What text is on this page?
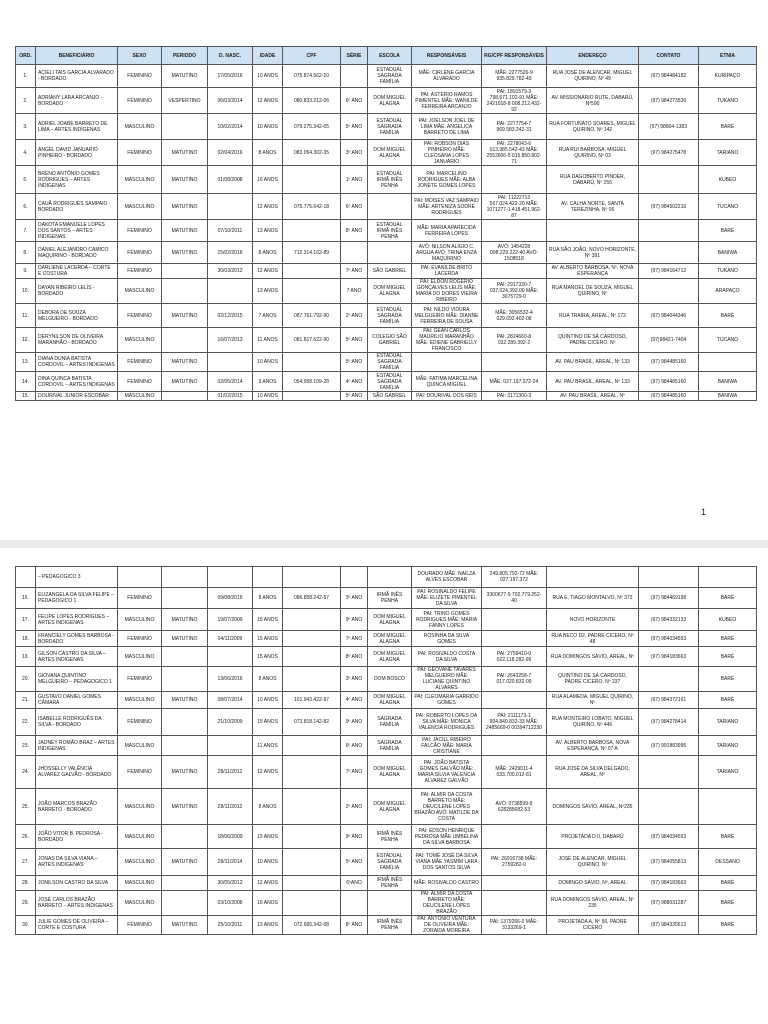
ORD.	BENEFICIÁRIO	SEXO	PERIODO	D. NASC.	IDADE	CPF	SÉRIE	ESCOLA	RESPONSÁVEIS	RG/CPF RESPONSÁVEIS	ENDEREÇO	CONTATO	ETNIA
1.	ACIELI TAIS GARCIA ALVARADO - BORDADO	FEMININO	MATUTINO	17/05/2016	10 ANOS	075.874.562-10		ESTADUAL SAGRADA FAMÍLIA	MÃE: CIRLENE GARCIA ALVARADO	MÃE: 2277526-9 935.829.782-49	RUA JOSÉ DE ALENCAR, MIGUEL QUIRINO, Nº 49	(97) 984484182	KURIPAÇO
2.	ADRIANY LARA ARCANJO - BORDADO	FEMININO	VESPERTINO	06/03/2014	12 ANOS	080.833.212-06	6º ANO	DOM MIGUEL ALAGNA	PAI: ASTERIO RAMOS PIMENTEL MÃE: WANILDE FERREIRA ARCANJO	PAI: 1891579-3 798.671.102-91 MÃE: 2421018-8 008.212.432-92	AV. MISSIONÁRIO RUTE, DABARÚ, Nº590	(97) 984273536	TUKANO
3.	ADRIEL JOABE BARRETO DE LIMA – ARTES INDIGENAS	MASCULINO		10/02/2014	10 ANOS	079.275.342-05	5º ANO	ESTADUAL SAGRADA FAMÍLIA	PAI: JOELSON JOEL DE LIMA MÃE: ANGELICA BARRETO DE LIMA	PAI: 2277754-7 969.583.242-31	RUA FORTUNATO SOARES, MIGUEL QUIRINO, Nº 142	(97) 98804-1383	BARÉ
4.	ANGEL DAVID JANUARIO PINHEIRO - BORDADO	FEMININO	MATUTINO	02/04/2016	8 ANOS	083.054.302-35	3º ANO	DOM MIGUEL ALAGNA	PAI: ROBSON DIAS PINHEIRO MÃE: CLEOSANA LOPES JANUÁRIO	PAI: 2278043-6 013.985.542-43 MÃE: 2552606-5 015.850.802-71	RUA RUI BARBOSA, MIGUEL QUIRINO, Nº 03	(97) 984275478	TARIANO
5.	BRENO ANTÔNIO GOMES RODRIGUES – ARTES INDIGENAS	MASCULINO	MATUTINO	01/08/2008	16 ANOS		1º ANO	ESTADUAL IRMÃ INÊS PENHA	PAI: MARCELINO RODRIGUES MÃE: ALBA JONETE GOMES LOPES		RUA DAGOBERTO PINDER, DABARÚ, Nº 255		KUBEO
6.	CAUÃ RODRIGUES SAMPAIO - BORDADO	MASCULINO	MATUTINO		12 ANOS	075.775.642-18	6º ANO		PAI: MOISES VAZ SAMPAIO MÃE: ARTENIZA SODRÉ RODRIGUES	PAI: 11222713 567.024.422-20 MÃE: 1071277-1 418.451.962-87	AV. CALHA NORTE, SANTA TEREZINHA, Nº 06	(97) 984502216	TUCANO
7.	DAKOTA EMANUELE LOPES DOS SANTOS – ARTES INDIGENAS	FEMININO	MATUTINO	07/10/2011	13 ANOS		8º ANO	ESTADUAL IRMÃ INÊS PENHA	MÃE: MARIA APARECIDA FERREIRA LOPES				BARÉ
8.	DANIEL ALEJANDRO CAMICO MAQUIRINO - BORDADO	FEMININO	MATUTINO	15/02/2016	8 ANOS	712.314.162-89			AVÔ: NILSON ALÍGIO C. ARGUA AVÓ: TRINA ENZA MAQUIRINO	AVÔ: 1454228 098.229.222-40 AVÓ: 1508518	RUA SÃO JOÃO, NOVO HORIZONTE, Nº 391		BANIWA
9.	DARLIENE LACERDA – CORTE E COSTURA	FEMININO		30/03/2012	12 ANOS		7º ANO	SÃO GABRIEL	PAI: EVANILDE BRITO LACERDA		AV. ALBERTO BARBOSA, Nº, NOVA ESPERANÇA	(97) 984164712	TUKANO
10.	DAYAN RIBEIRO LELÍS - BORDADO	MASCULINO			13 ANOS		7 ANO	DOM MIGUEL ALAGNA	PAI: ELDON ROGERIO GONÇALVES LELÍS MÃE: MARIA DO DORES VIEIRA RIBEIRO	PAI: 2917330-7 037.024.392.00 MÃE: 3075729-0	RUA MANOEL DE SOUZA, MIGUEL QUIRINO, Nº		ARAPAÇO
11.	DEBORA DE SOUZA MELGUEIRO - BORDADO	FEMININO	MATUTINO	02/12/2015	7 ANOS	087.761.792-90	2º ANO	ESTADUAL SAGRADA FAMÍLIA	PAI: NILDO VIDURA MELGUEIRO MÃE: DIANNE FERREIRA DE SOUSA	MÃE: 3056532-4 029.692.402-08	RUA TRAÍRA, AREAL, Nº 172	(97) 984044346	BARÉ
12.	DERYNILSON DE OLIVEIRA MARANHÃO - BORDADO	MASCULINO		16/07/2013	11 ANOS	081.817.622-90	5º ANO	COLEGIO SÃO GABRIEL	PAI: GEAN CARLOS MAURILIO MARANHÃO MÃE: EDIENE GABRIELLY FRANCISCO	PAI: 2824660-8 032.289.392-2	QUINTINO DE SÁ CARDOSO, PADRE CICERO, Nº	(97)98421-7404	TUCANO
13.	DIANA DUNIA BATISTA CORDOVIL – ARTES INDIGENAS	FEMININO	MATUTINO		10 ANOS		5º ANO	ESTADUAL SAGRADA FAMÍLIA			AV. PAU BRASIL, AREAL, Nº 133	(97) 984485160	
14.	DINA QUINCA BATISTA CORDOVIL – ARTES INDIGENAS	FEMININO	MATUTINO	02/05/2014	9 ANOS	054.958.109-28	4º ANO	ESTADUAL SAGRADA FAMÍLIA	MÃE: FATIMA MARCELINA QUINCA MIGUEL	MÃE: 027.197.372-24	AV. PAU BRASIL, AREAL, Nº 133	(97) 984485160	BANIWA
15.	DOURIVAL JUNIOR ESCOBAR	MASCULINO		01/02/2015	10 ANOS		5º ANO	SÃO GABRIEL	PAI: DOURIVAL DOS REIS	PAI: 3171300-3	AV. PAU BRASIL, AREAL, Nº	(97) 984485160	BANIWA
1
	– PEDAGOGICO 3								DOURADO MÃE: NAILZA ALVES ESCOBAR	249.805.792-72 MÃE: 027.197.372			
16.	ELIZANGELA DA SILVA FELIPE – PEDAGOGICO 1	FEMININO		09/08/2016	8 ANOS	086.858.242-57	3º ANO	IRMÃ INÊS PENHA	PAI: ROSINALDO FELIPE MÃE: ELIZETE PIMENTEL DA SILVA	3300677-9 702.779.252-40	RUA E, TIAGO MONTALVO, Nº 373	(97) 984469198	BARÉ
17.	FELIPE LOPES RODRIGUES – ARTES INDIGENAS	MASCULINO	MATUTINO	19/07/2009	15 ANOS		9º ANO	DOM MIGUEL ALAGNA	PAI: TRINO GOMES RODRIGUES MÃE: MARIA FANNY LOPES		NOVO HORIZONTE	(97) 984332133	KUBEO
18.	FRANCIELY GOMES BARBOSA - BORDADO	FEMININO	MATUTINO	04/11/2009	15 ANOS		7º ANO	DOM MIGUEL ALAGNA	ROSINHA DA SILVA GOMES		RUA BECO D2, PADRE CICERO, Nº 48	(97) 984034553	BARÉ
19.	GILSON CASTRO DA SILVA – ARTES INDIGENAS	MASCULINO			15 ANOS		8º ANO	DOM MIGUEL ALAGNA	PAI: ROSIVALDO COSTA DA SILVA	PAI: 2759410-0 022.118.282-99	RUA DOMINGOS SÁVIO, AREAL, Nº	(97) 984183663	BARÉ
20.	GIOVANA QUINTINO MELGUEIRO – PEDAGOGICO 1	FEMININO		13/06/2016	8 ANOS		3º ANO	DOM BOSCO	PAI: GEOVANE TAVARES MELGUEIRO MÃE: LUCIANE QUINTINO ALVARES	PAI: 2643258-7 017.020.832-09	QUINTINO DE SÁ CARDOSO, PADRE CICERO, Nº 237		BARÉ
21.	GUSTAVO DANIEL GOMES CÂMARA	MASCULINO	MATUTINO	08/07/2014	10 ANOS	101.943.422-97	4º ANO	DOM MIGUEL ALAGNA	PAI: CLEOMARIA GARRIDO GOMES		RUA ALAMEDA, MIGUEL QUIRINO, Nº	(97) 984372161	BARÉ
22.	ISABELLE RODRIGUÊS DA SILVA - BORDADO	FEMININO		21/10/2009	15 ANOS	073.818.142-82	9º ANO	SAGRADA FAMÍLIA	PAI: ROBERTO LOPES DA SILVA MÃE: MONICA VALENCIA RODRIGUES	PAI: 2111173-1 904.849.832-33 MÃE: 2485669-0 00394712230	RUA MONTEIRO LOBATO, MIGUEL QUIRINO, Nº 446	(97) 984278414	TARIANO
23.	JADNEY ROMÃO BRAZ – ARTES INDIGENAS	MASCULINO			11 ANOS		6º ANO	SAGRADA FAMÍLIA	PAI: JACILL RIBEIRO FALCÃO MÃE: MARIA CRISTIANE		AV. ALBERTO BARBOSA, NOVA ESPERANÇA, Nº 07 A	(97) 991883995	TARIANO
24.	JHOSSELLY VALÊNCIA ALVAREZ GALVÃO - BORDADO	FEMININO	MATUTINO	28/11/2012	12 ANOS		7º ANO	DOM MIGUEL ALAGNA	PAI: JOÃO BATISTA GOMES GALVÃO MÃE: MARIA SILVIA VALENCIA ALVAREZ GALVÃO	MÃE: 2429011-4 033.700.012-81	RUA JOSÉ DA SILVA DELGADO, AREAL, Nº		TARIANO
25.	JOÃO MARCOS BRAZÃO BARRETO - BORDADO	MASCULINO	MATUTINO	28/11/2012	8 ANOS		2º ANO	DOM MIGUEL ALAGNA	PAI: ALMIR DA COSTA BARRETO MÃE: DEUCILENE LOPES BRAZÃO AVÓ: MATILDE DA COSTA	AVÓ: 0738599-9 628285682-53	DOMINGOS SÁVIO, AREAL, Nº235		
26.	JOÃO VITOR B. PEDROSA - BORDADO	MASCULINO		18/06/2009	15 ANOS		9º ANO	IRMÃ INÊS PENHA	PAI: EDSON HENRIQUE PEDROSA MÃE:UMBELINA DA SILVA BARBOSA		PROJETADA D II, DABARÚ	(97) 984034553	BARÉ
27.	JONAS DA SILVA VIANA – ARTES INDIGENAS	MASCULINO	MATUTINO	28/11/2014	10 ANOS		5º ANO	ESTADUAL SAGRADA FAMÍLIA	PAI: TOMÉ JOSÉ DA SILVA VIANA MÃE YASMIM LARA DOS SANTOS SILVA	PAI: 26916738 MÃE: 2759282-0	JOSÉ DE ALENCAR, MIGUEL QUIRINO, Nº	(97) 984055813	DESSANO
28.	JONILSON CASTRO DA SILVA	MASCULINO		30/05/2012	12 ANOS		6ºANO	IRMÃ INÊS PENHA	MÃE: ROSIVALDO CASTRO		DOMINGO SÁVIO, Nº, AREAL	(97) 984183663	BARÉ
29.	JOSÉ CARLOS BRAZÃO BARRETO – ARTES INDIGENAS	MASCULINO		03/10/2008	16 ANOS				PAI: ALMIR DA COSTA BARRETO MÃE: DEUCILENE LOPES BRAZÃO		RUA DOMINGOS SÁVIO, AREAL, Nº 235	(97) 988031287	BARÉ
30.	JULIE GOMES DE OLIVEIRA – CORTE E COSTURA	FEMININO	MATUTINO	25/10/2011	13 ANOS	072.665.342-08	8º ANO	IRMÃ INÊS PENHA	PAI: ANTONIO VENTURA DE OLIVEIRA MÃE: ZORAIDA MOREIRA	PAI: 1379266-0 MÃE: 3133269-1	PROJETADA A, Nº 56, PADRE CICERO	(97) 984335613	BARÉ
